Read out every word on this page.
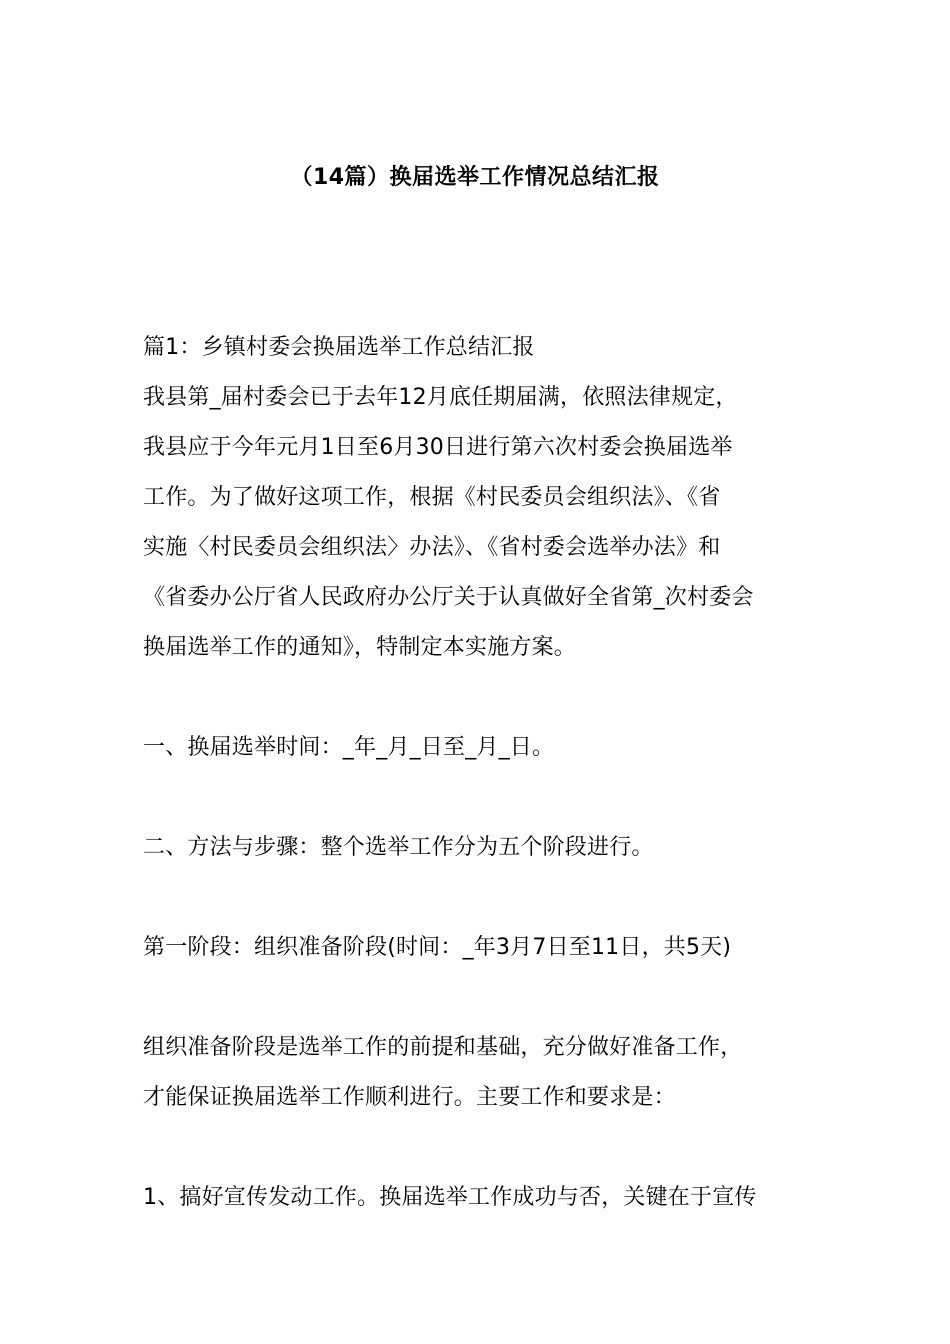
（14篇）换届选举工作情况总结汇报
篇1：乡镇村委会换届选举工作总结汇报
我县第_届村委会已于去年12月底任期届满，依照法律规定，
我县应于今年元月1日至6月30日进行第六次村委会换届选举
工作。为了做好这项工作，根据《村民委员会组织法》、《省
实施〈村民委员会组织法〉办法》、《省村委会选举办法》和
《省委办公厅省人民政府办公厅关于认真做好全省第_次村委会
换届选举工作的通知》，特制定本实施方案。
一、换届选举时间：_年_月_日至_月_日。
二、方法与步骤：整个选举工作分为五个阶段进行。
第一阶段：组织准备阶段(时间：_年3月7日至11日，共5天)
组织准备阶段是选举工作的前提和基础，充分做好准备工作，
才能保证换届选举工作顺利进行。主要工作和要求是：
1、搞好宣传发动工作。换届选举工作成功与否，关键在于宣传
